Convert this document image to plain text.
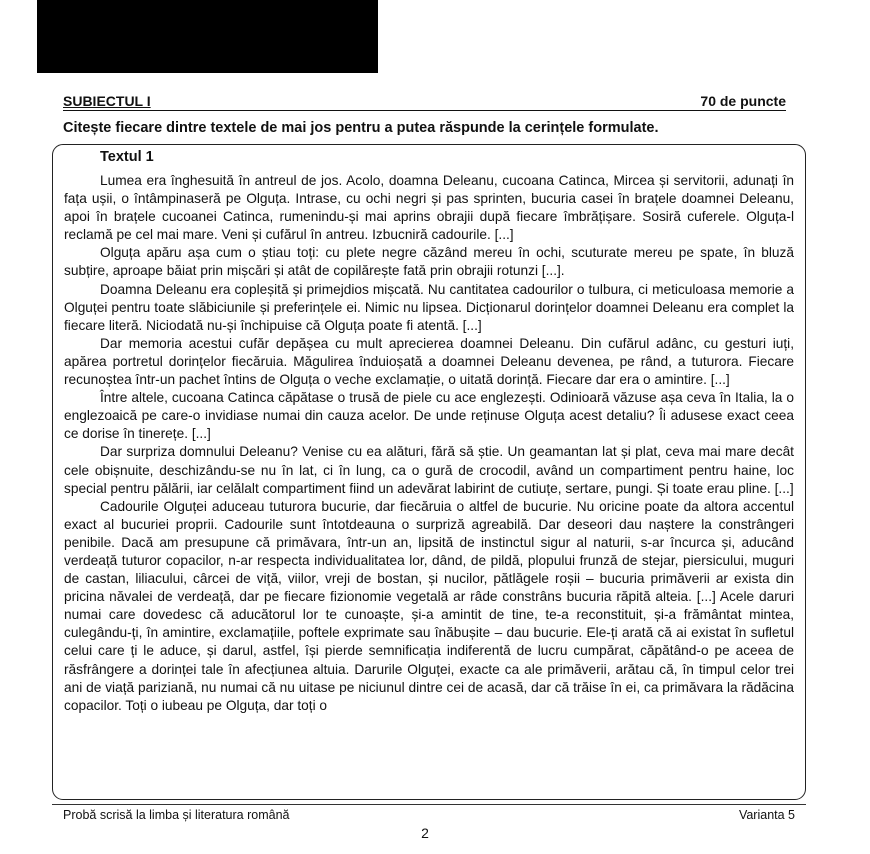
SUBIECTUL I	70 de puncte
Citește fiecare dintre textele de mai jos pentru a putea răspunde la cerințele formulate.
Textul 1

Lumea era înghesuită în antreul de jos. Acolo, doamna Deleanu, cucoana Catinca, Mircea și servitorii, adunați în fața ușii, o întâmpinaseră pe Olguța. Intrase, cu ochi negri și pas sprinten, bucuria casei în brațele doamnei Deleanu, apoi în brațele cucoanei Catinca, rumenindu-și mai aprins obrajii după fiecare îmbrățișare. Sosiră cuferele. Olguța-l reclamă pe cel mai mare. Veni și cufărul în antreu. Izbucniră cadourile. [...]

Olguța apăru așa cum o știau toți: cu plete negre căzând mereu în ochi, scuturate mereu pe spate, în bluză subțire, aproape băiat prin mișcări și atât de copilărește fată prin obrajii rotunzi [...].

Doamna Deleanu era copleșită și primejdios mișcată. Nu cantitatea cadourilor o tulbura, ci meticuloasa memorie a Olguței pentru toate slăbiciunile și preferințele ei. Nimic nu lipsea. Dicționarul dorințelor doamnei Deleanu era complet la fiecare literă. Niciodată nu-și închipuise că Olguța poate fi atentă. [...]

Dar memoria acestui cufăr depășea cu mult aprecierea doamnei Deleanu. Din cufărul adânc, cu gesturi iuți, apărea portretul dorințelor fiecăruia. Măgulirea înduioșată a doamnei Deleanu devenea, pe rând, a tuturora. Fiecare recunoștea într-un pachet întins de Olguța o veche exclamație, o uitată dorință. Fiecare dar era o amintire. [...]

Între altele, cucoana Catinca căpătase o trusă de piele cu ace englezești. Odinioară văzuse așa ceva în Italia, la o englezoaică pe care-o invidiase numai din cauza acelor. De unde reținuse Olguța acest detaliu? Îi adusese exact ceea ce dorise în tinerețe. [...]

Dar surpriza domnului Deleanu? Venise cu ea alături, fără să știe. Un geamantan lat și plat, ceva mai mare decât cele obișnuite, deschizându-se nu în lat, ci în lung, ca o gură de crocodil, având un compartiment pentru haine, loc special pentru pălării, iar celălalt compartiment fiind un adevărat labirint de cutiuțe, sertare, pungi. Și toate erau pline. [...]

Cadourile Olguței aduceau tuturora bucurie, dar fiecăruia o altfel de bucurie. Nu oricine poate da altora accentul exact al bucuriei proprii. Cadourile sunt întotdeauna o surpriză agreabilă. Dar deseori dau naștere la constrângeri penibile. Dacă am presupune că primăvara, într-un an, lipsită de instinctul sigur al naturii, s-ar încurca și, aducând verdeață tuturor copacilor, n-ar respecta individualitatea lor, dând, de pildă, plopului frunză de stejar, piersicului, muguri de castan, liliacului, cârcei de viță, viilor, vreji de bostan, și nucilor, pătlăgele roșii – bucuria primăverii ar exista din pricina năvalei de verdeață, dar pe fiecare fizionomie vegetală ar râde constrâns bucuria răpită alteia. [...] Acele daruri numai care dovedesc că aducătorul lor te cunoaște, și-a amintit de tine, te-a reconstituit, și-a frământat mintea, culegându-ți, în amintire, exclamațiile, poftele exprimate sau înăbușite – dau bucurie. Ele-ți arată că ai existat în sufletul celui care ți le aduce, și darul, astfel, își pierde semnificația indiferentă de lucru cumpărat, căpătând-o pe aceea de răsfrângere a dorinței tale în afecțiunea altuia. Darurile Olguței, exacte ca ale primăverii, arătau că, în timpul celor trei ani de viață pariziană, nu numai că nu uitase pe niciunul dintre cei de acasă, dar că trăise în ei, ca primăvara la rădăcina copacilor. Toți o iubeau pe Olguța, dar toți o

Probă scrisă la limba și literatura română	Varianta 5
2
